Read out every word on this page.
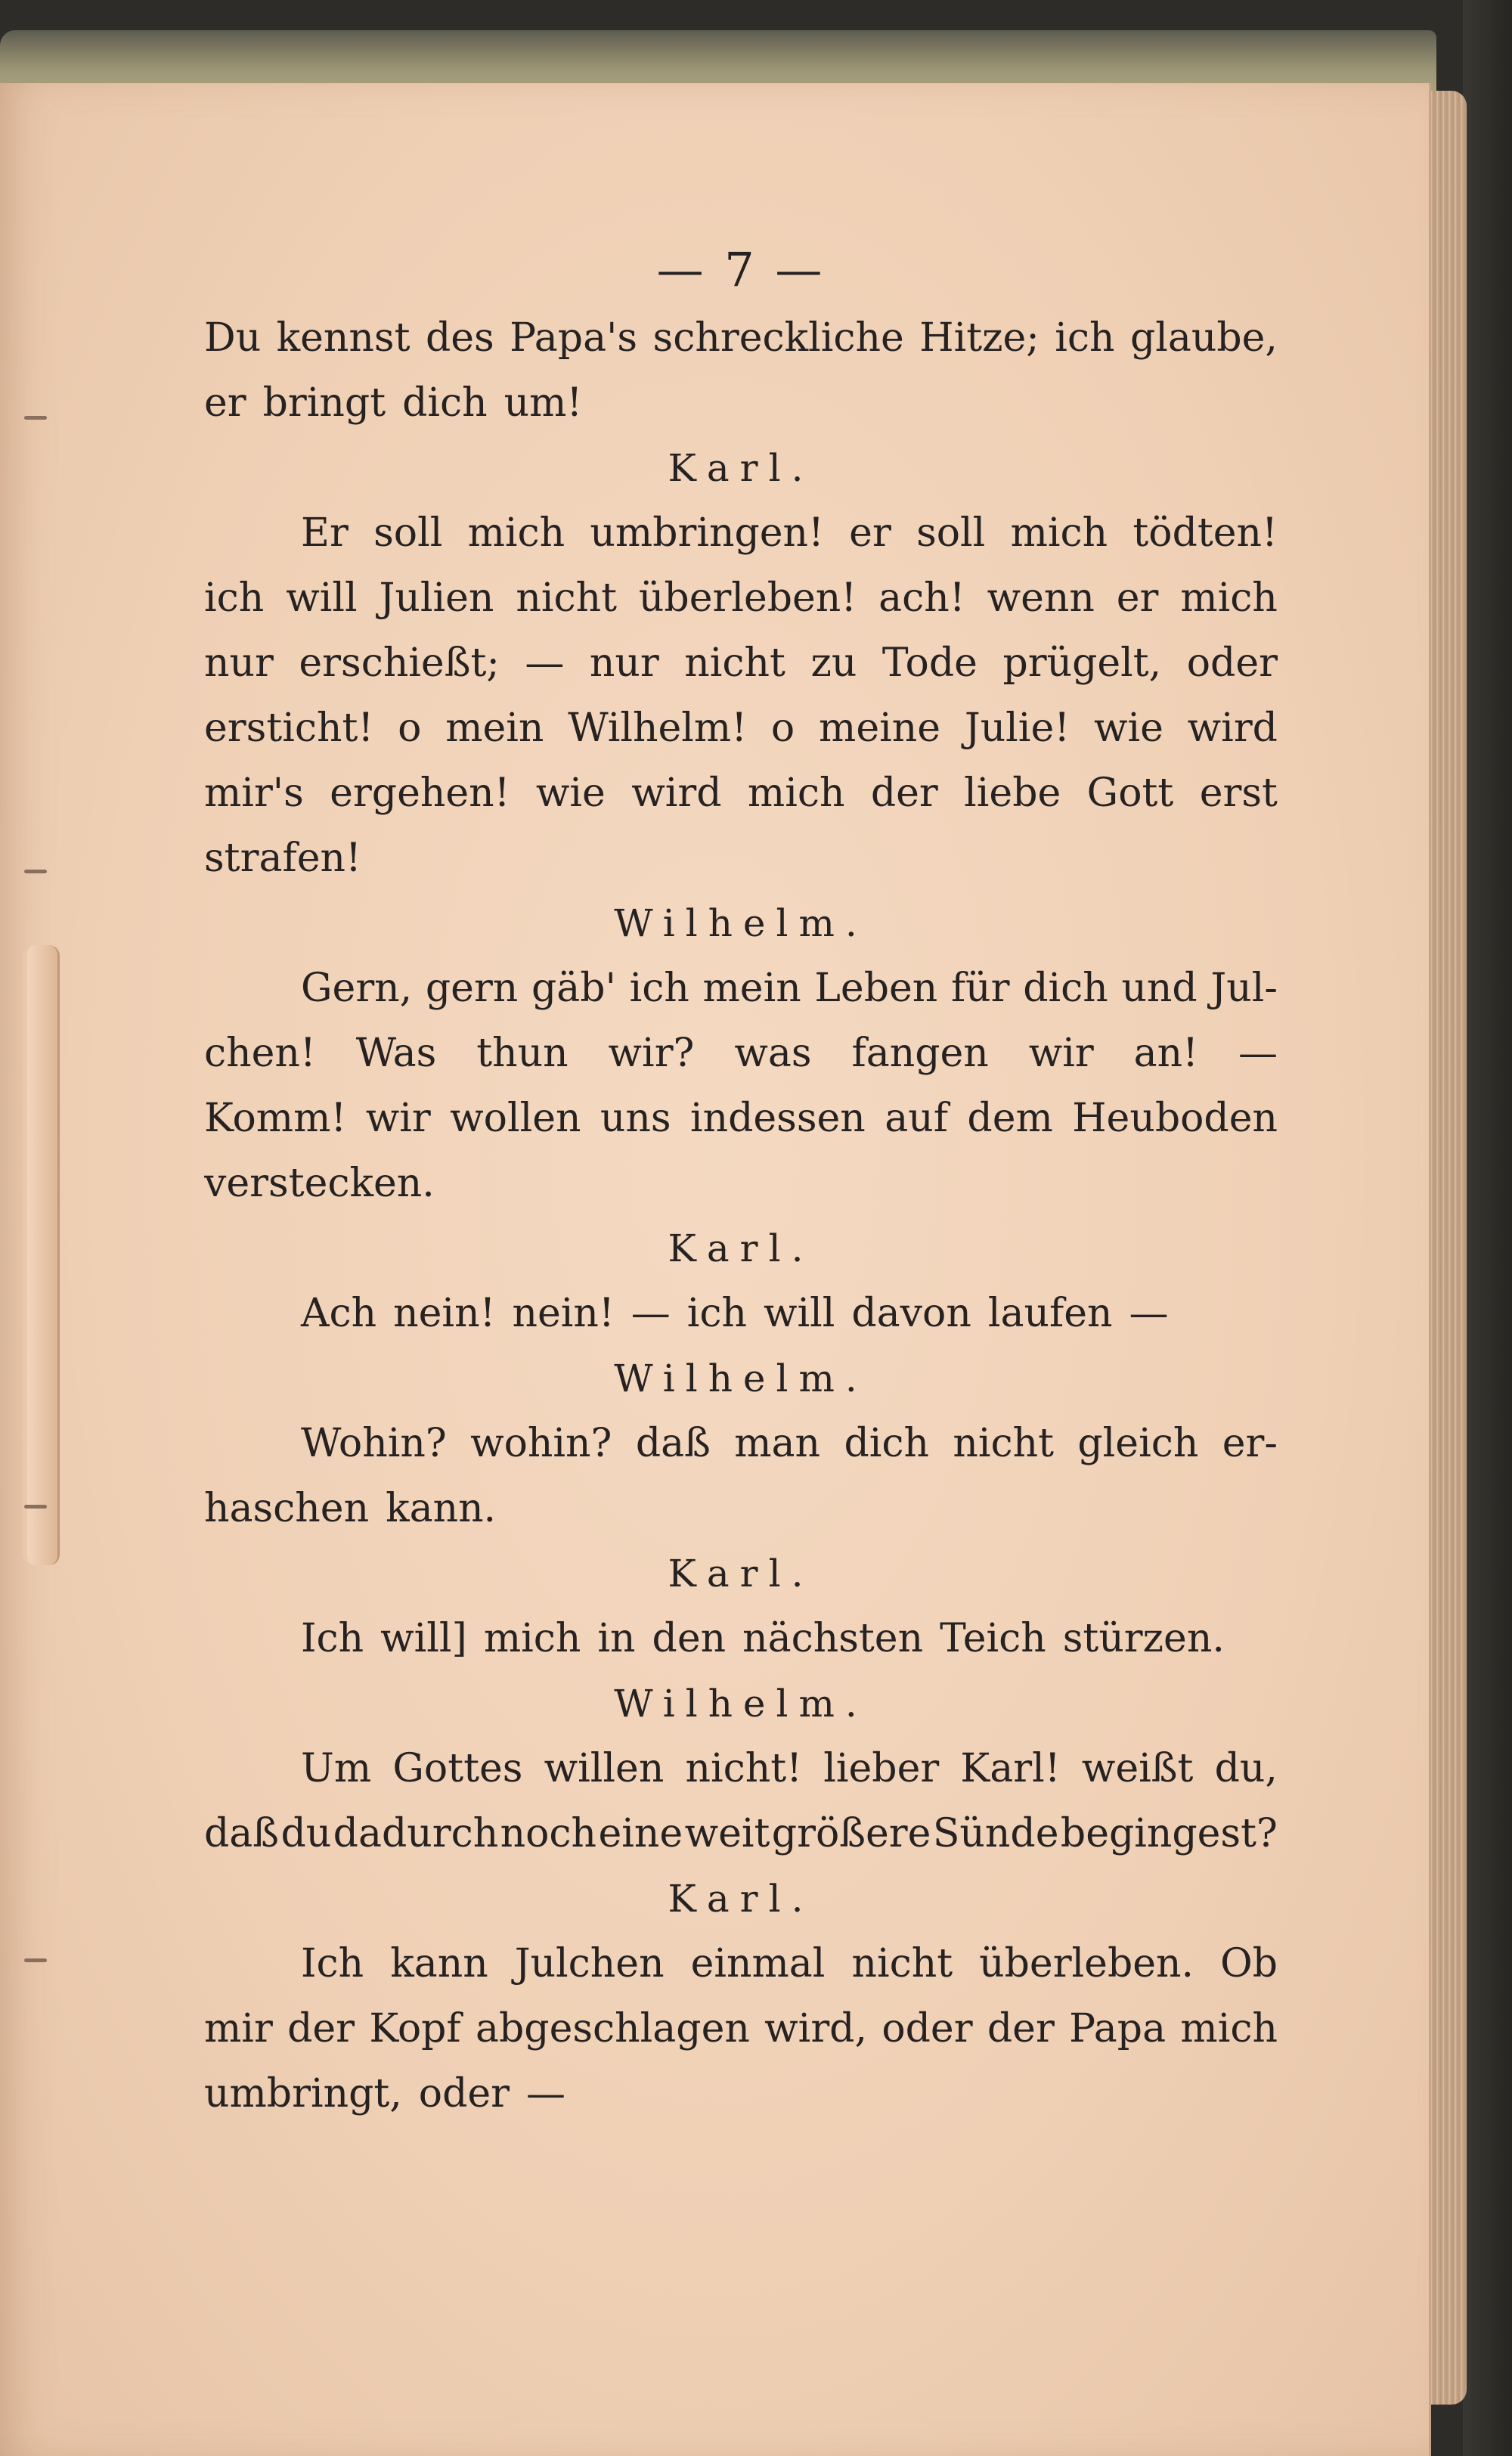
— 7 —
Du kennst des Papa's schreckliche Hitze; ich glaube,
er bringt dich um!
Karl.
Er soll mich umbringen! er soll mich tödten!
ich will Julien nicht überleben! ach! wenn er mich
nur erschießt; — nur nicht zu Tode prügelt, oder
ersticht! o mein Wilhelm! o meine Julie! wie wird
mir's ergehen! wie wird mich der liebe Gott erst
strafen!
Wilhelm.
Gern, gern gäb' ich mein Leben für dich und Jul-
chen! Was thun wir? was fangen wir an! —
Komm! wir wollen uns indessen auf dem Heuboden
verstecken.
Karl.
Ach nein! nein! — ich will davon laufen —
Wilhelm.
Wohin? wohin? daß man dich nicht gleich er-
haschen kann.
Karl.
Ich will] mich in den nächsten Teich stürzen.
Wilhelm.
Um Gottes willen nicht! lieber Karl! weißt du,
daß du dadurch noch eine weit größere Sünde begingest?
Karl.
Ich kann Julchen einmal nicht überleben. Ob
mir der Kopf abgeschlagen wird, oder der Papa mich
umbringt, oder —
